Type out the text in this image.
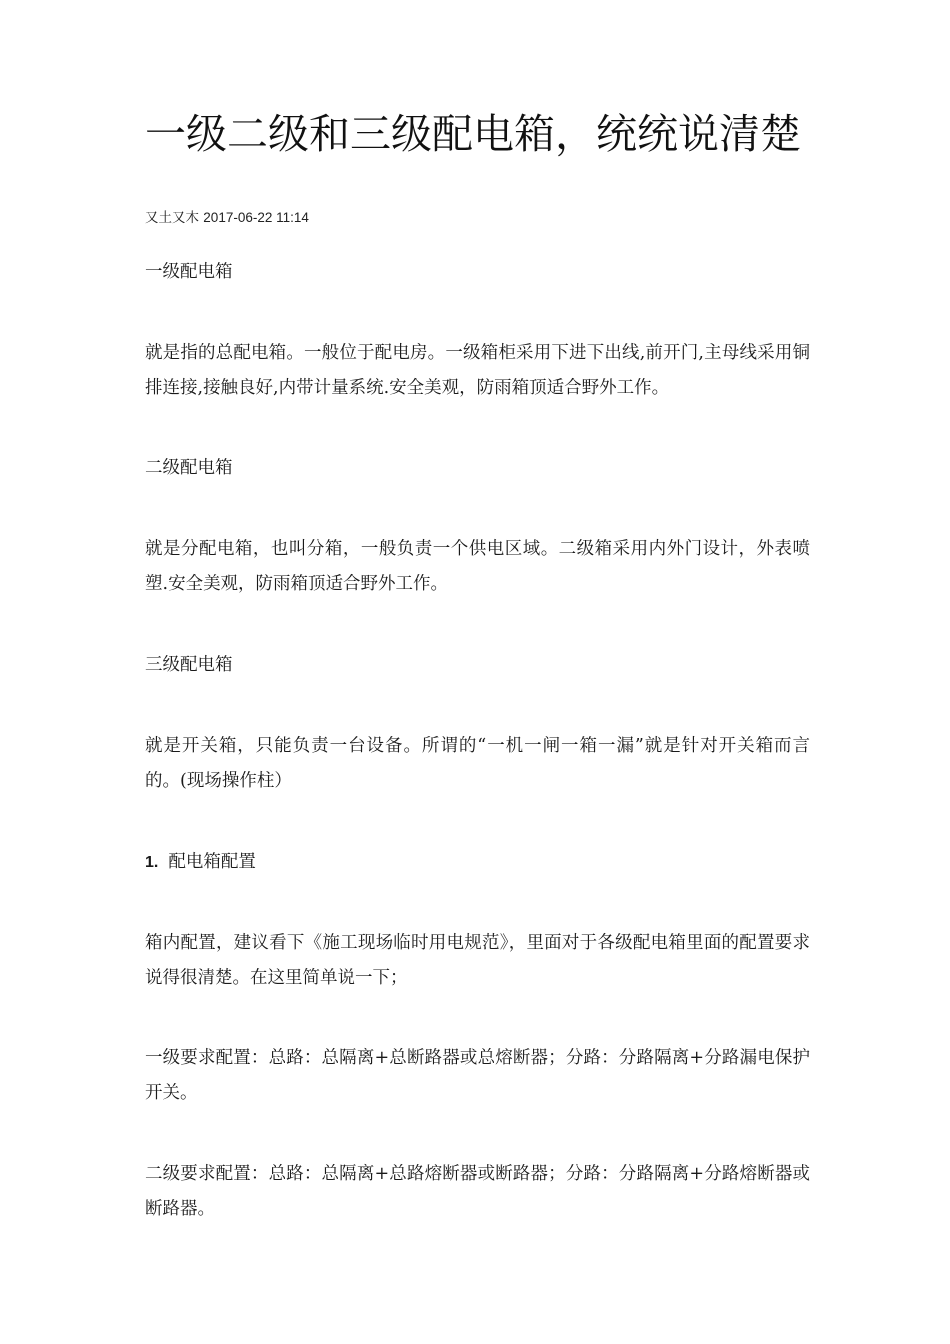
一级二级和三级配电箱，统统说清楚
又土又木 2017-06-22 11:14

一级配电箱

就是指的总配电箱。一般位于配电房。一级箱柜采用下进下出线,前开门,主母线采用铜排连接,接触良好,内带计量系统.安全美观，防雨箱顶适合野外工作。

二级配电箱

就是分配电箱，也叫分箱，一般负责一个供电区域。二级箱采用内外门设计，外表喷塑.安全美观，防雨箱顶适合野外工作。

三级配电箱

就是开关箱，只能负责一台设备。所谓的“一机一闸一箱一漏”就是针对开关箱而言的。(现场操作柱）

1. 配电箱配置

箱内配置，建议看下《施工现场临时用电规范》，里面对于各级配电箱里面的配置要求说得很清楚。在这里简单说一下；

一级要求配置：总路：总隔离+总断路器或总熔断器；分路：分路隔离+分路漏电保护开关。

二级要求配置：总路：总隔离+总路熔断器或断路器；分路：分路隔离+分路熔断器或断路器。
